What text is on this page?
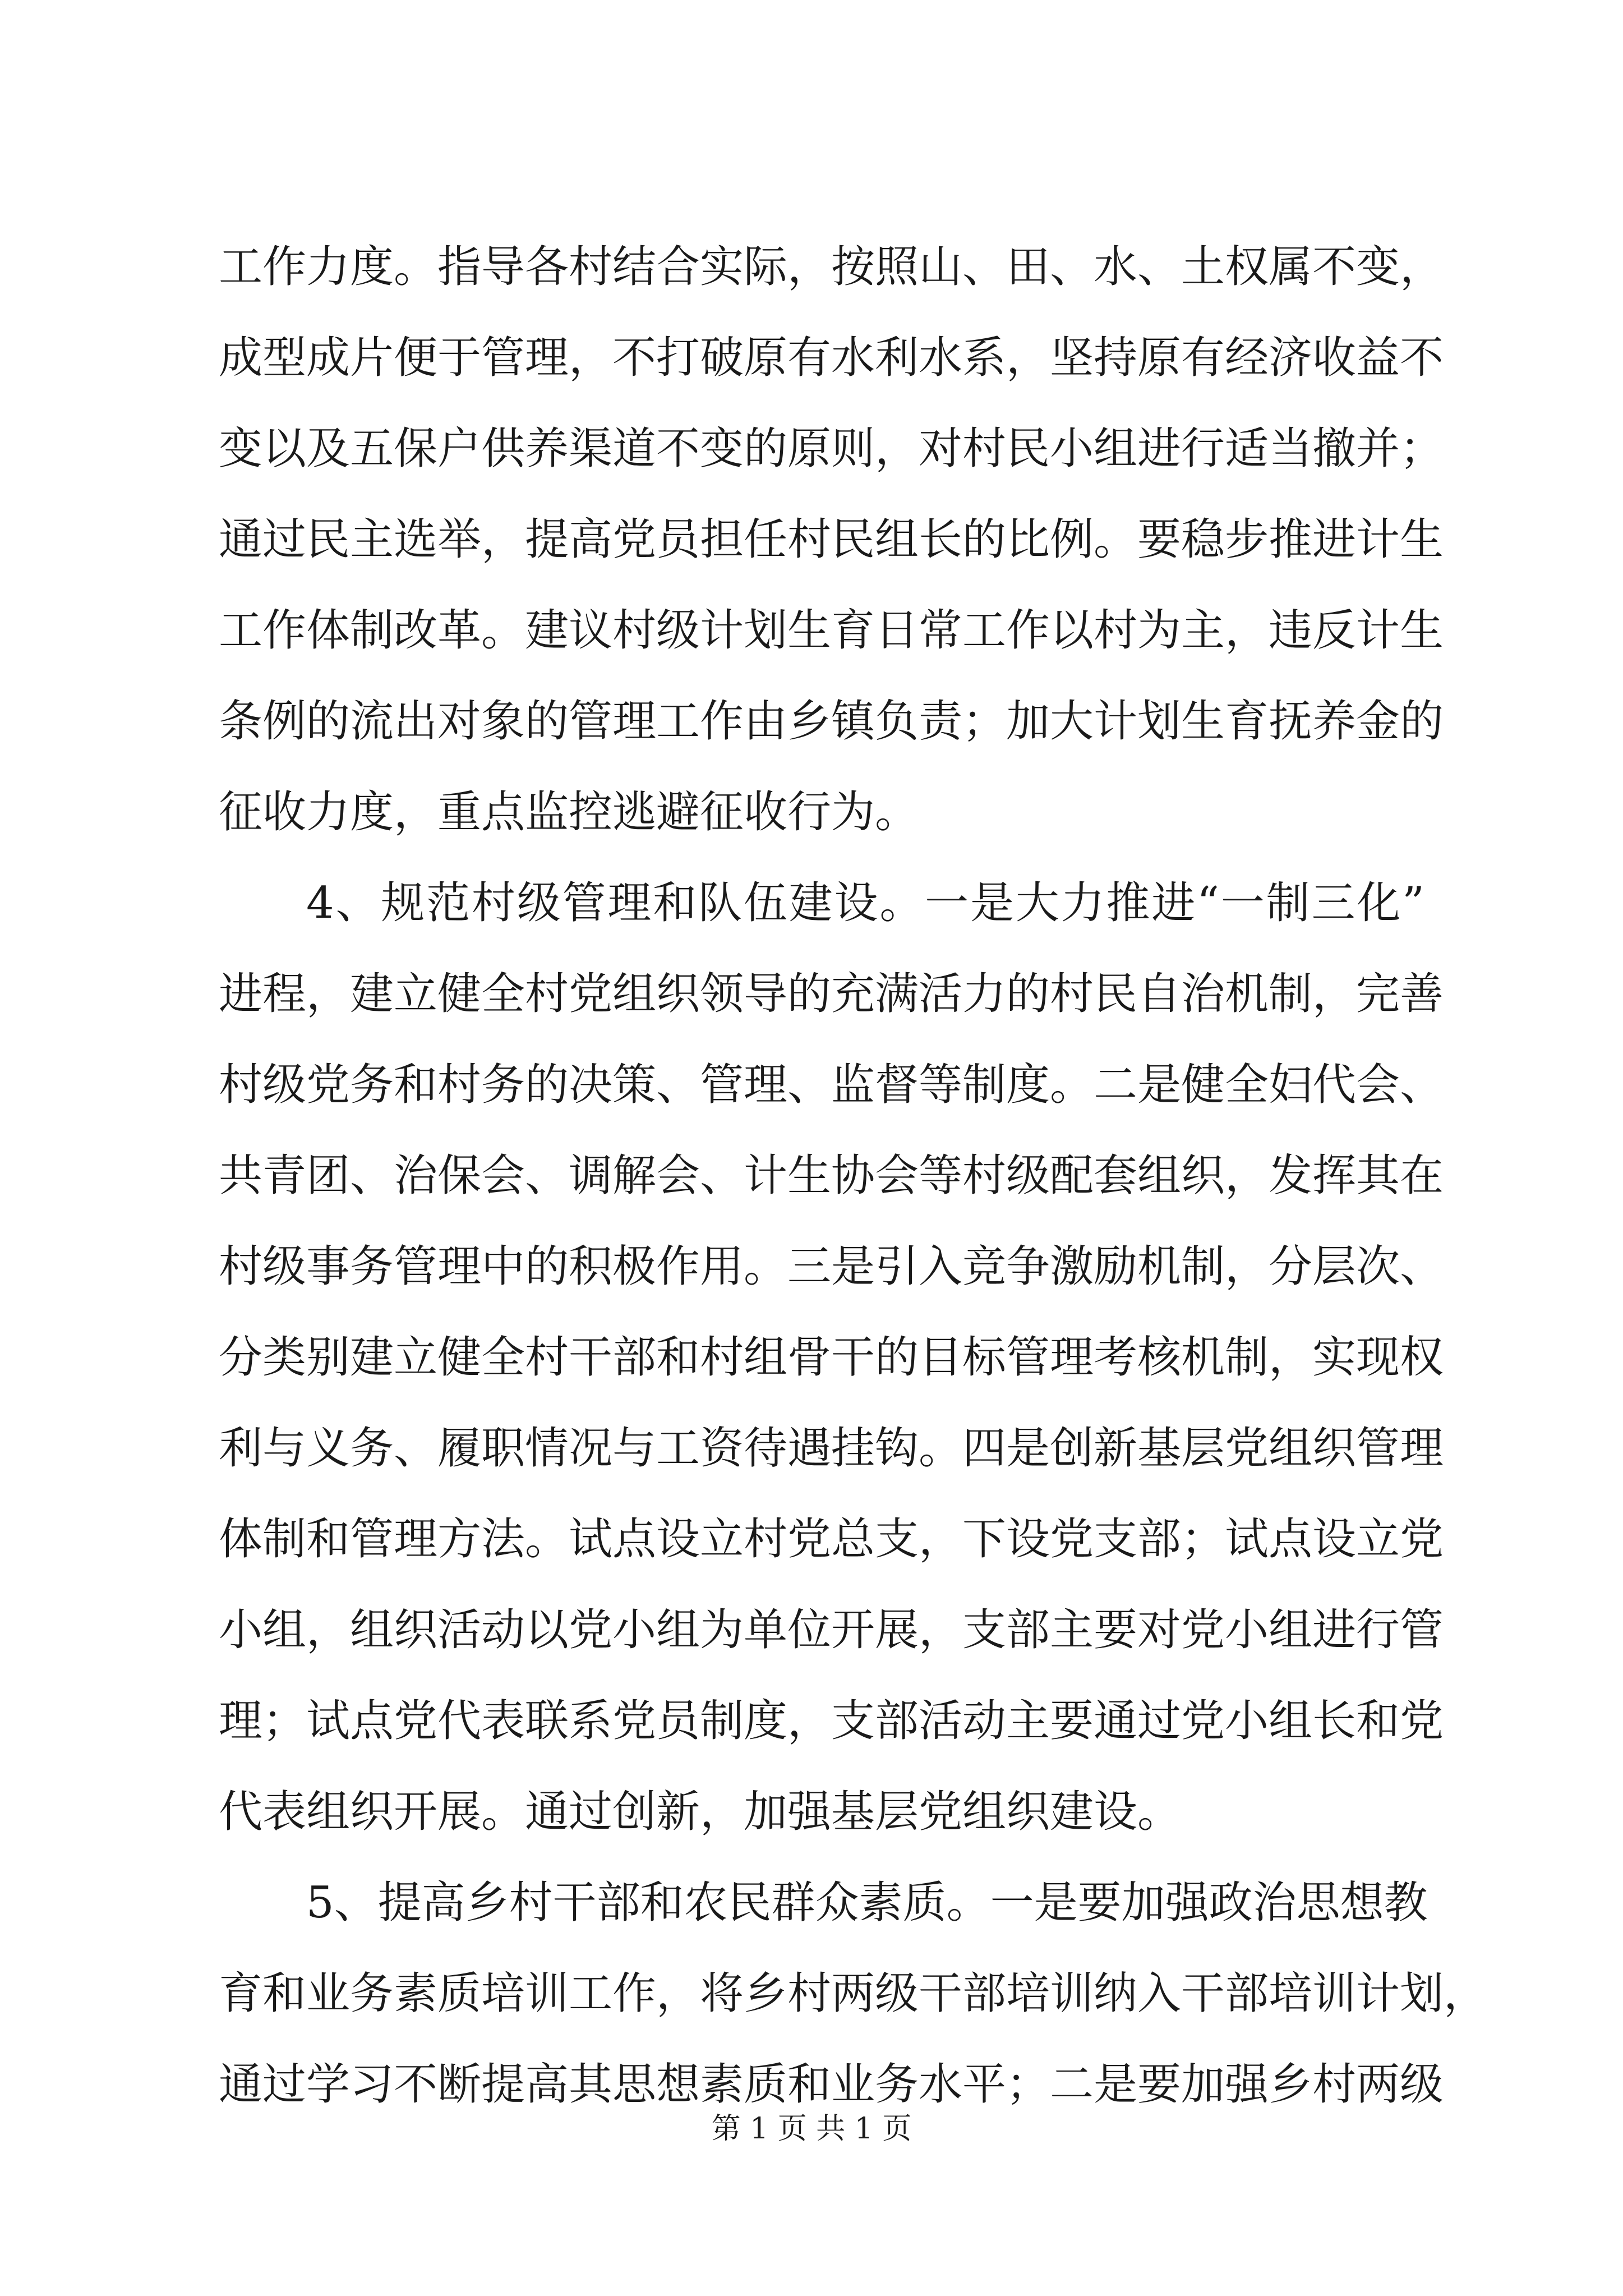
工作力度。指导各村结合实际，按照山、田、水、土权属不变，
成型成片便于管理，不打破原有水利水系，坚持原有经济收益不
变以及五保户供养渠道不变的原则，对村民小组进行适当撤并；
通过民主选举，提高党员担任村民组长的比例。要稳步推进计生
工作体制改革。建议村级计划生育日常工作以村为主，违反计生
条例的流出对象的管理工作由乡镇负责；加大计划生育抚养金的
征收力度，重点监控逃避征收行为。
4、规范村级管理和队伍建设。一是大力推进“一制三化”
进程，建立健全村党组织领导的充满活力的村民自治机制，完善
村级党务和村务的决策、管理、监督等制度。二是健全妇代会、
共青团、治保会、调解会、计生协会等村级配套组织，发挥其在
村级事务管理中的积极作用。三是引入竞争激励机制，分层次、
分类别建立健全村干部和村组骨干的目标管理考核机制，实现权
利与义务、履职情况与工资待遇挂钩。四是创新基层党组织管理
体制和管理方法。试点设立村党总支，下设党支部；试点设立党
小组，组织活动以党小组为单位开展，支部主要对党小组进行管
理；试点党代表联系党员制度，支部活动主要通过党小组长和党
代表组织开展。通过创新，加强基层党组织建设。
5、提高乡村干部和农民群众素质。一是要加强政治思想教
育和业务素质培训工作，将乡村两级干部培训纳入干部培训计划，
通过学习不断提高其思想素质和业务水平；二是要加强乡村两级
第 1 页 共 1 页
